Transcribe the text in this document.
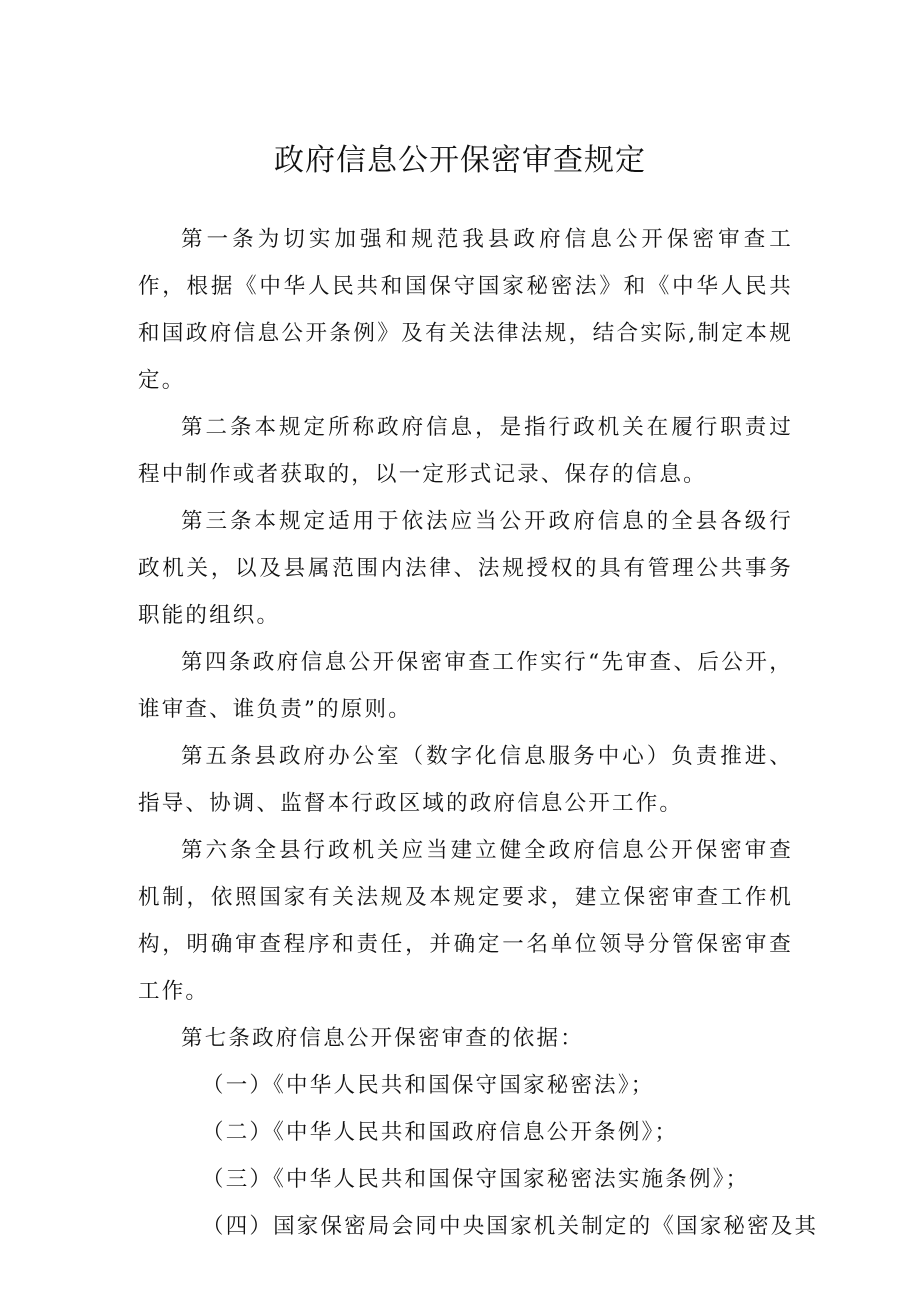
政府信息公开保密审查规定

第一条为切实加强和规范我县政府信息公开保密审查工作，根据《中华人民共和国保守国家秘密法》和《中华人民共和国政府信息公开条例》及有关法律法规，结合实际,制定本规定。

第二条本规定所称政府信息，是指行政机关在履行职责过程中制作或者获取的，以一定形式记录、保存的信息。

第三条本规定适用于依法应当公开政府信息的全县各级行政机关，以及县属范围内法律、法规授权的具有管理公共事务职能的组织。

第四条政府信息公开保密审查工作实行“先审查、后公开，谁审查、谁负责”的原则。

第五条县政府办公室（数字化信息服务中心）负责推进、指导、协调、监督本行政区域的政府信息公开工作。

第六条全县行政机关应当建立健全政府信息公开保密审查机制，依照国家有关法规及本规定要求，建立保密审查工作机构，明确审查程序和责任，并确定一名单位领导分管保密审查工作。

第七条政府信息公开保密审查的依据：

（一）《中华人民共和国保守国家秘密法》；

（二）《中华人民共和国政府信息公开条例》；

（三）《中华人民共和国保守国家秘密法实施条例》；

（四）国家保密局会同中央国家机关制定的《国家秘密及其
